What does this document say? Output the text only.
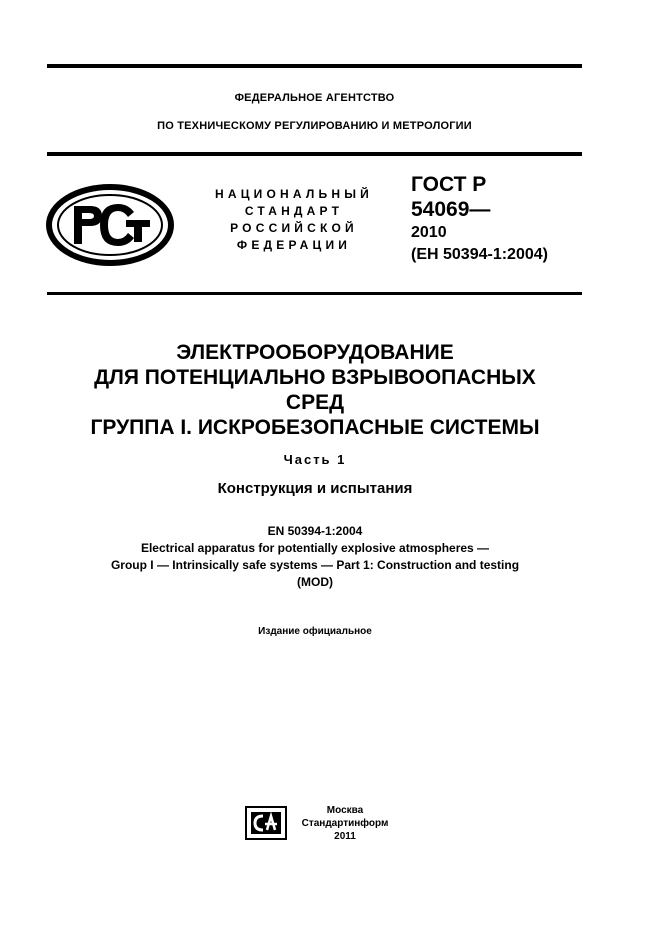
ФЕДЕРАЛЬНОЕ АГЕНТСТВО
ПО ТЕХНИЧЕСКОМУ РЕГУЛИРОВАНИЮ И МЕТРОЛОГИИ
НАЦИОНАЛЬНЫЙ
СТАНДАРТ
РОССИЙСКОЙ
ФЕДЕРАЦИИ
ГОСТ Р
54069—
2010
(ЕН 50394-1:2004)
ЭЛЕКТРООБОРУДОВАНИЕ
ДЛЯ ПОТЕНЦИАЛЬНО ВЗРЫВООПАСНЫХ
СРЕД
ГРУППА I. ИСКРОБЕЗОПАСНЫЕ СИСТЕМЫ
Часть 1
Конструкция и испытания
EN 50394-1:2004
Electrical apparatus for potentially explosive atmospheres —
Group I — Intrinsically safe systems — Part 1: Construction and testing
(MOD)
Издание официальное
Москва
Стандартинформ
2011
